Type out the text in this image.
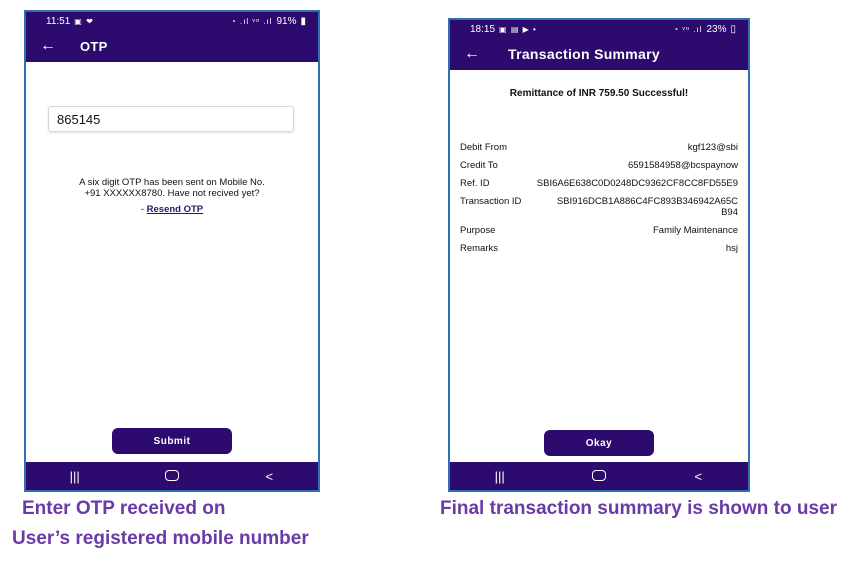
11:51 ▣ ❤	◔ .ıl ᵛᵒ .ıl 91% ▮
←	OTP
865145
A six digit OTP has been sent on Mobile No.
+91 XXXXXX8780. Have not recived yet?
- Resend OTP
Submit
|||	<
18:15 ▣ ▤ ▶ •	◔ ᵛᵒ .ıl 23% ▯
←	Transaction Summary
Remittance of INR 759.50 Successful!
Debit From	kgf123@sbi
Credit To	6591584958@bcspaynow
Ref. ID	SBI6A6E638C0D0248DC9362CF8CC8FD55E9
Transaction ID	SBI916DCB1A886C4FC893B346942A65CB94
Purpose	Family Maintenance
Remarks	hsj
Okay
|||	<
Enter OTP received on
User’s registered mobile number
Final transaction summary is shown to user
